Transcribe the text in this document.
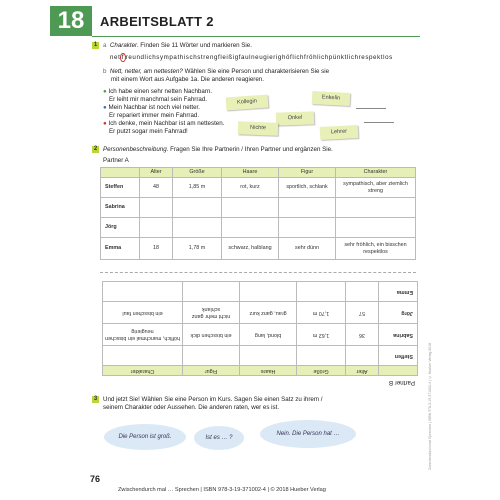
18	ARBEITSBLATT 2
1 a Charakter. Finden Sie 11 Wörter und markieren Sie.
net f reundlichsympathischstrengfleißigfaulneugierighöflichfröhlichpünktlichrespektlos
b Nett, netter, am nettesten? Wählen Sie eine Person und charakterisieren Sie sie
mit einem Wort aus Aufgabe 1a. Die anderen reagieren.
● Ich habe einen sehr netten Nachbarn.
Er leiht mir manchmal sein Fahrrad.
● Mein Nachbar ist noch viel netter.
Er repariert immer mein Fahrrad.
● Ich denke, mein Nachbar ist am nettesten.
Er putzt sogar mein Fahrrad!
Kollegin
Enkelin
Onkel
Nichte
Lehrer
2 Personenbeschreibung. Fragen Sie Ihre Partnerin / Ihren Partner und ergänzen Sie.
Partner A
	Alter	Größe	Haare	Figur	Charakter
Steffen	48	1,85 m	rot, kurz	sportlich, schlank	sympathisch, aber ziemlich streng
Sabrina					
Jörg					
Emma	18	1,78 m	schwarz, halblang	sehr dünn	sehr fröhlich, ein bisschen respektlos
Partner B
	Alter	Größe	Haare	Figur	Charakter
Steffen					
Sabrina	36	1,62 m	blond, lang	ein bisschen dick	höflich, manchmal ein bisschen neugierig
Jörg	57	1,70 m	grau, ganz kurz	nicht mehr ganz schlank	ein bisschen faul
Emma					
3 Und jetzt Sie! Wählen Sie eine Person im Kurs. Sagen Sie einen Satz zu ihrem /
seinem Charakter oder Aussehen. Die anderen raten, wer es ist.
Die Person ist groß.	Ist es … ?
Nein. Die Person hat …
76
Zwischendurch mal … Sprechen | ISBN 978-3-19-371002-4 | © 2018 Hueber Verlag
Zwischendurch mal Sprechen | ISBN 978-3-19-371002-4 | © Hueber Verlag 2018
